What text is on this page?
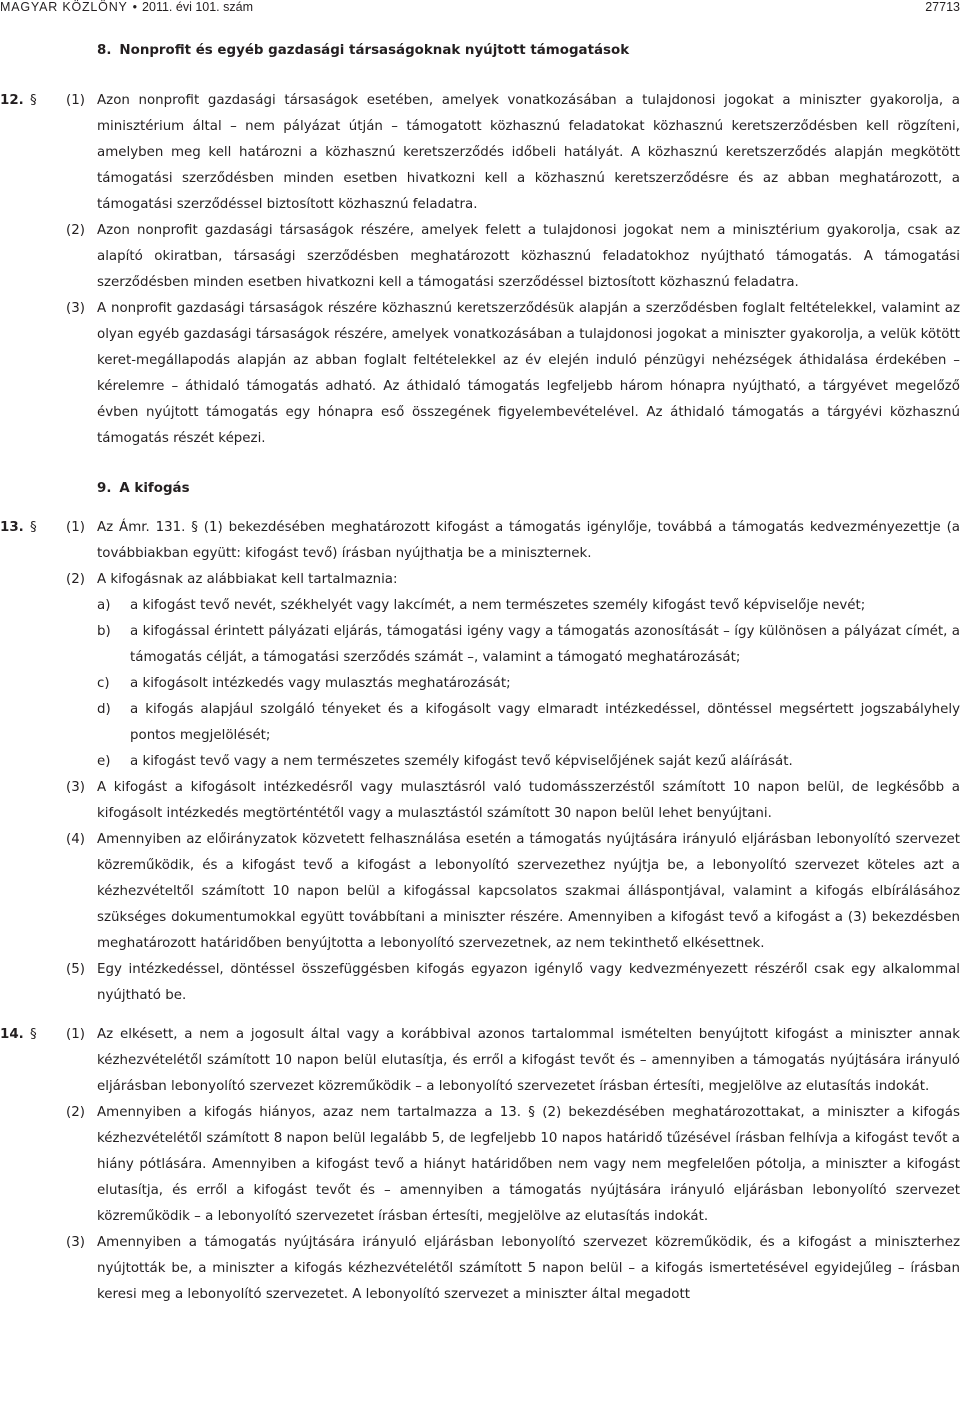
MAGYAR KÖZLÖNY • 2011. évi 101. szám	27713
8. Nonprofit és egyéb gazdasági társaságoknak nyújtott támogatások
12. § (1) Azon nonprofit gazdasági társaságok esetében, amelyek vonatkozásában a tulajdonosi jogokat a miniszter gyakorolja, a minisztérium által – nem pályázat útján – támogatott közhasznú feladatokat közhasznú keretszerződésben kell rögzíteni, amelyben meg kell határozni a közhasznú keretszerződés időbeli hatályát. A közhasznú keretszerződés alapján megkötött támogatási szerződésben minden esetben hivatkozni kell a közhasznú keretszerződésre és az abban meghatározott, a támogatási szerződéssel biztosított közhasznú feladatra.
(2) Azon nonprofit gazdasági társaságok részére, amelyek felett a tulajdonosi jogokat nem a minisztérium gyakorolja, csak az alapító okiratban, társasági szerződésben meghatározott közhasznú feladatokhoz nyújtható támogatás. A támogatási szerződésben minden esetben hivatkozni kell a támogatási szerződéssel biztosított közhasznú feladatra.
(3) A nonprofit gazdasági társaságok részére közhasznú keretszerződésük alapján a szerződésben foglalt feltételekkel, valamint az olyan egyéb gazdasági társaságok részére, amelyek vonatkozásában a tulajdonosi jogokat a miniszter gyakorolja, a velük kötött keret-megállapodás alapján az abban foglalt feltételekkel az év elején induló pénzügyi nehézségek áthidalása érdekében – kérelemre – áthidaló támogatás adható. Az áthidaló támogatás legfeljebb három hónapra nyújtható, a tárgyévet megelőző évben nyújtott támogatás egy hónapra eső összegének figyelembevételével. Az áthidaló támogatás a tárgyévi közhasznú támogatás részét képezi.
9. A kifogás
13. § (1) Az Ámr. 131. § (1) bekezdésében meghatározott kifogást a támogatás igénylője, továbbá a támogatás kedvezményezettje (a továbbiakban együtt: kifogást tevő) írásban nyújthatja be a miniszternek.
(2) A kifogásnak az alábbiakat kell tartalmaznia:
a) a kifogást tevő nevét, székhelyét vagy lakcímét, a nem természetes személy kifogást tevő képviselője nevét;
b) a kifogással érintett pályázati eljárás, támogatási igény vagy a támogatás azonosítását – így különösen a pályázat címét, a támogatás célját, a támogatási szerződés számát –, valamint a támogató meghatározását;
c) a kifogásolt intézkedés vagy mulasztás meghatározását;
d) a kifogás alapjául szolgáló tényeket és a kifogásolt vagy elmaradt intézkedéssel, döntéssel megsértett jogszabályhely pontos megjelölését;
e) a kifogást tevő vagy a nem természetes személy kifogást tevő képviselőjének saját kezű aláírását.
(3) A kifogást a kifogásolt intézkedésről vagy mulasztásról való tudomásszerzéstől számított 10 napon belül, de legkésőbb a kifogásolt intézkedés megtörténtétől vagy a mulasztástól számított 30 napon belül lehet benyújtani.
(4) Amennyiben az előirányzatok közvetett felhasználása esetén a támogatás nyújtására irányuló eljárásban lebonyolító szervezet közreműködik, és a kifogást tevő a kifogást a lebonyolító szervezethez nyújtja be, a lebonyolító szervezet köteles azt a kézhezvételtől számított 10 napon belül a kifogással kapcsolatos szakmai álláspontjával, valamint a kifogás elbírálásához szükséges dokumentumokkal együtt továbbítani a miniszter részére. Amennyiben a kifogást tevő a kifogást a (3) bekezdésben meghatározott határidőben benyújtotta a lebonyolító szervezetnek, az nem tekinthető elkésettnek.
(5) Egy intézkedéssel, döntéssel összefüggésben kifogás egyazon igénylő vagy kedvezményezett részéről csak egy alkalommal nyújtható be.
14. § (1) Az elkésett, a nem a jogosult által vagy a korábbival azonos tartalommal ismételten benyújtott kifogást a miniszter annak kézhezvételétől számított 10 napon belül elutasítja, és erről a kifogást tevőt és – amennyiben a támogatás nyújtására irányuló eljárásban lebonyolító szervezet közreműködik – a lebonyolító szervezetet írásban értesíti, megjelölve az elutasítás indokát.
(2) Amennyiben a kifogás hiányos, azaz nem tartalmazza a 13. § (2) bekezdésében meghatározottakat, a miniszter a kifogás kézhezvételétől számított 8 napon belül legalább 5, de legfeljebb 10 napos határidő tűzésével írásban felhívja a kifogást tevőt a hiány pótlására. Amennyiben a kifogást tevő a hiányt határidőben nem vagy nem megfelelően pótolja, a miniszter a kifogást elutasítja, és erről a kifogást tevőt és – amennyiben a támogatás nyújtására irányuló eljárásban lebonyolító szervezet közreműködik – a lebonyolító szervezetet írásban értesíti, megjelölve az elutasítás indokát.
(3) Amennyiben a támogatás nyújtására irányuló eljárásban lebonyolító szervezet közreműködik, és a kifogást a miniszterhez nyújtották be, a miniszter a kifogás kézhezvételétől számított 5 napon belül – a kifogás ismertetésével egyidejűleg – írásban keresi meg a lebonyolító szervezetet. A lebonyolító szervezet a miniszter által megadott
